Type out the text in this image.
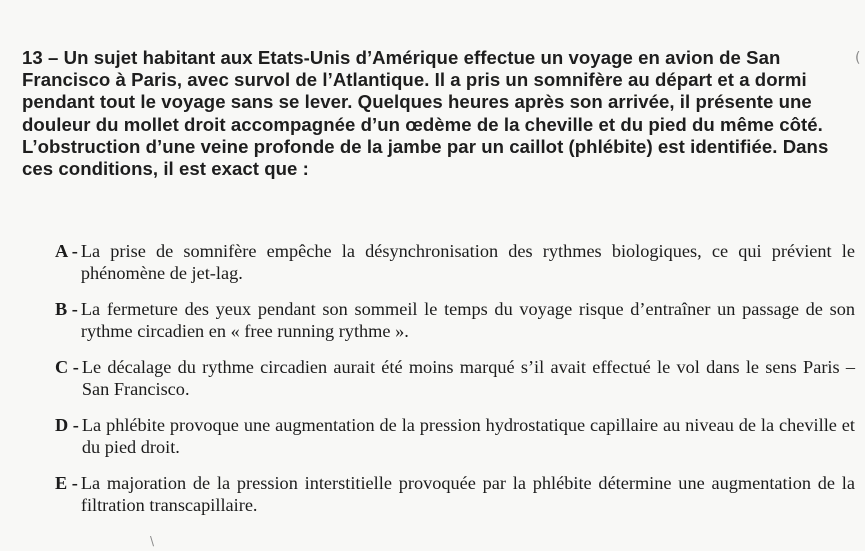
13 – Un sujet habitant aux Etats-Unis d’Amérique effectue un voyage en avion de San Francisco à Paris, avec survol de l’Atlantique. Il a pris un somnifère au départ et a dormi pendant tout le voyage sans se lever. Quelques heures après son arrivée, il présente une douleur du mollet droit accompagnée d’un œdème de la cheville et du pied du même côté. L’obstruction d’une veine profonde de la jambe par un caillot (phlébite) est identifiée. Dans ces conditions, il est exact que :
A - La prise de somnifère empêche la désynchronisation des rythmes biologiques, ce qui prévient le phénomène de jet-lag.
B - La fermeture des yeux pendant son sommeil le temps du voyage risque d’entraîner un passage de son rythme circadien en « free running rythme ».
C - Le décalage du rythme circadien aurait été moins marqué s’il avait effectué le vol dans le sens Paris – San Francisco.
D - La phlébite provoque une augmentation de la pression hydrostatique capillaire au niveau de la cheville et du pied droit.
E - La majoration de la pression interstitielle provoquée par la phlébite détermine une augmentation de la filtration transcapillaire.
(
\
